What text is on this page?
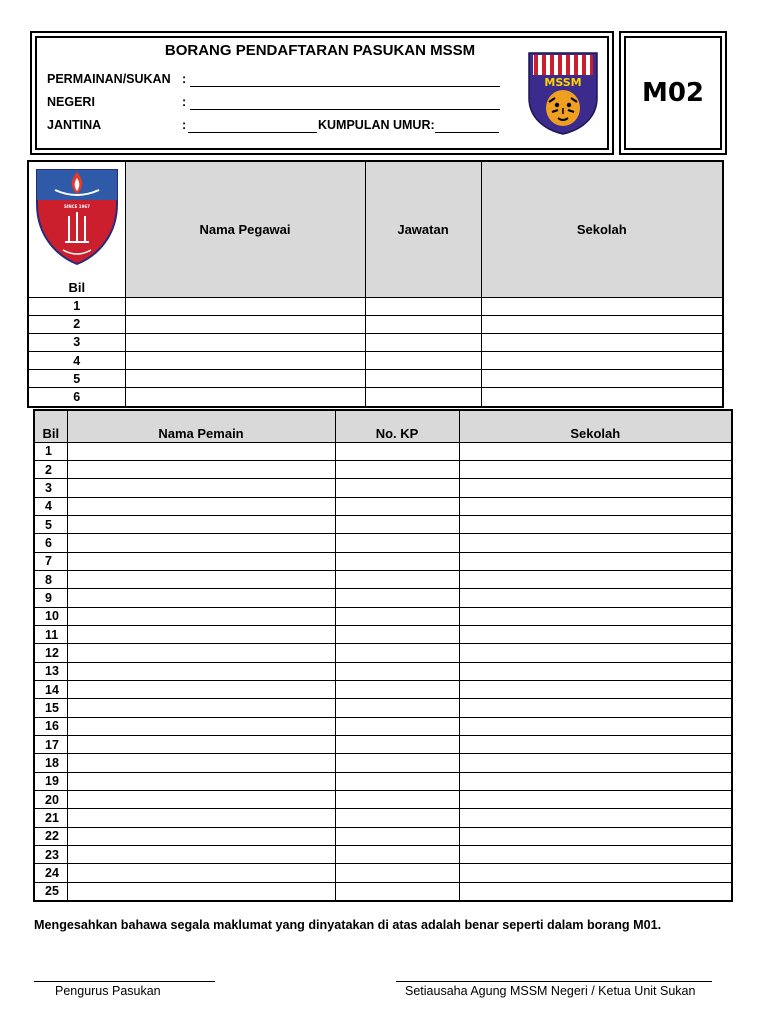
BORANG PENDAFTARAN PASUKAN MSSM
PERMAINAN/SUKAN :
NEGERI	:
JANTINA	:	KUMPULAN UMUR:
MSSM	M02
SINCE 1967
Bil	Nama Pegawai	Jawatan	Sekolah
1			
2			
3			
4			
5			
6			
Bil	Nama Pemain	No. KP	Sekolah
1			
2			
3			
4			
5			
6			
7			
8			
9			
10			
11			
12			
13			
14			
15			
16			
17			
18			
19			
20			
21			
22			
23			
24			
25			
Mengesahkan bahawa segala maklumat yang dinyatakan di atas adalah benar seperti dalam borang M01.
Pengurus Pasukan	Setiausaha Agung MSSM Negeri / Ketua Unit Sukan
